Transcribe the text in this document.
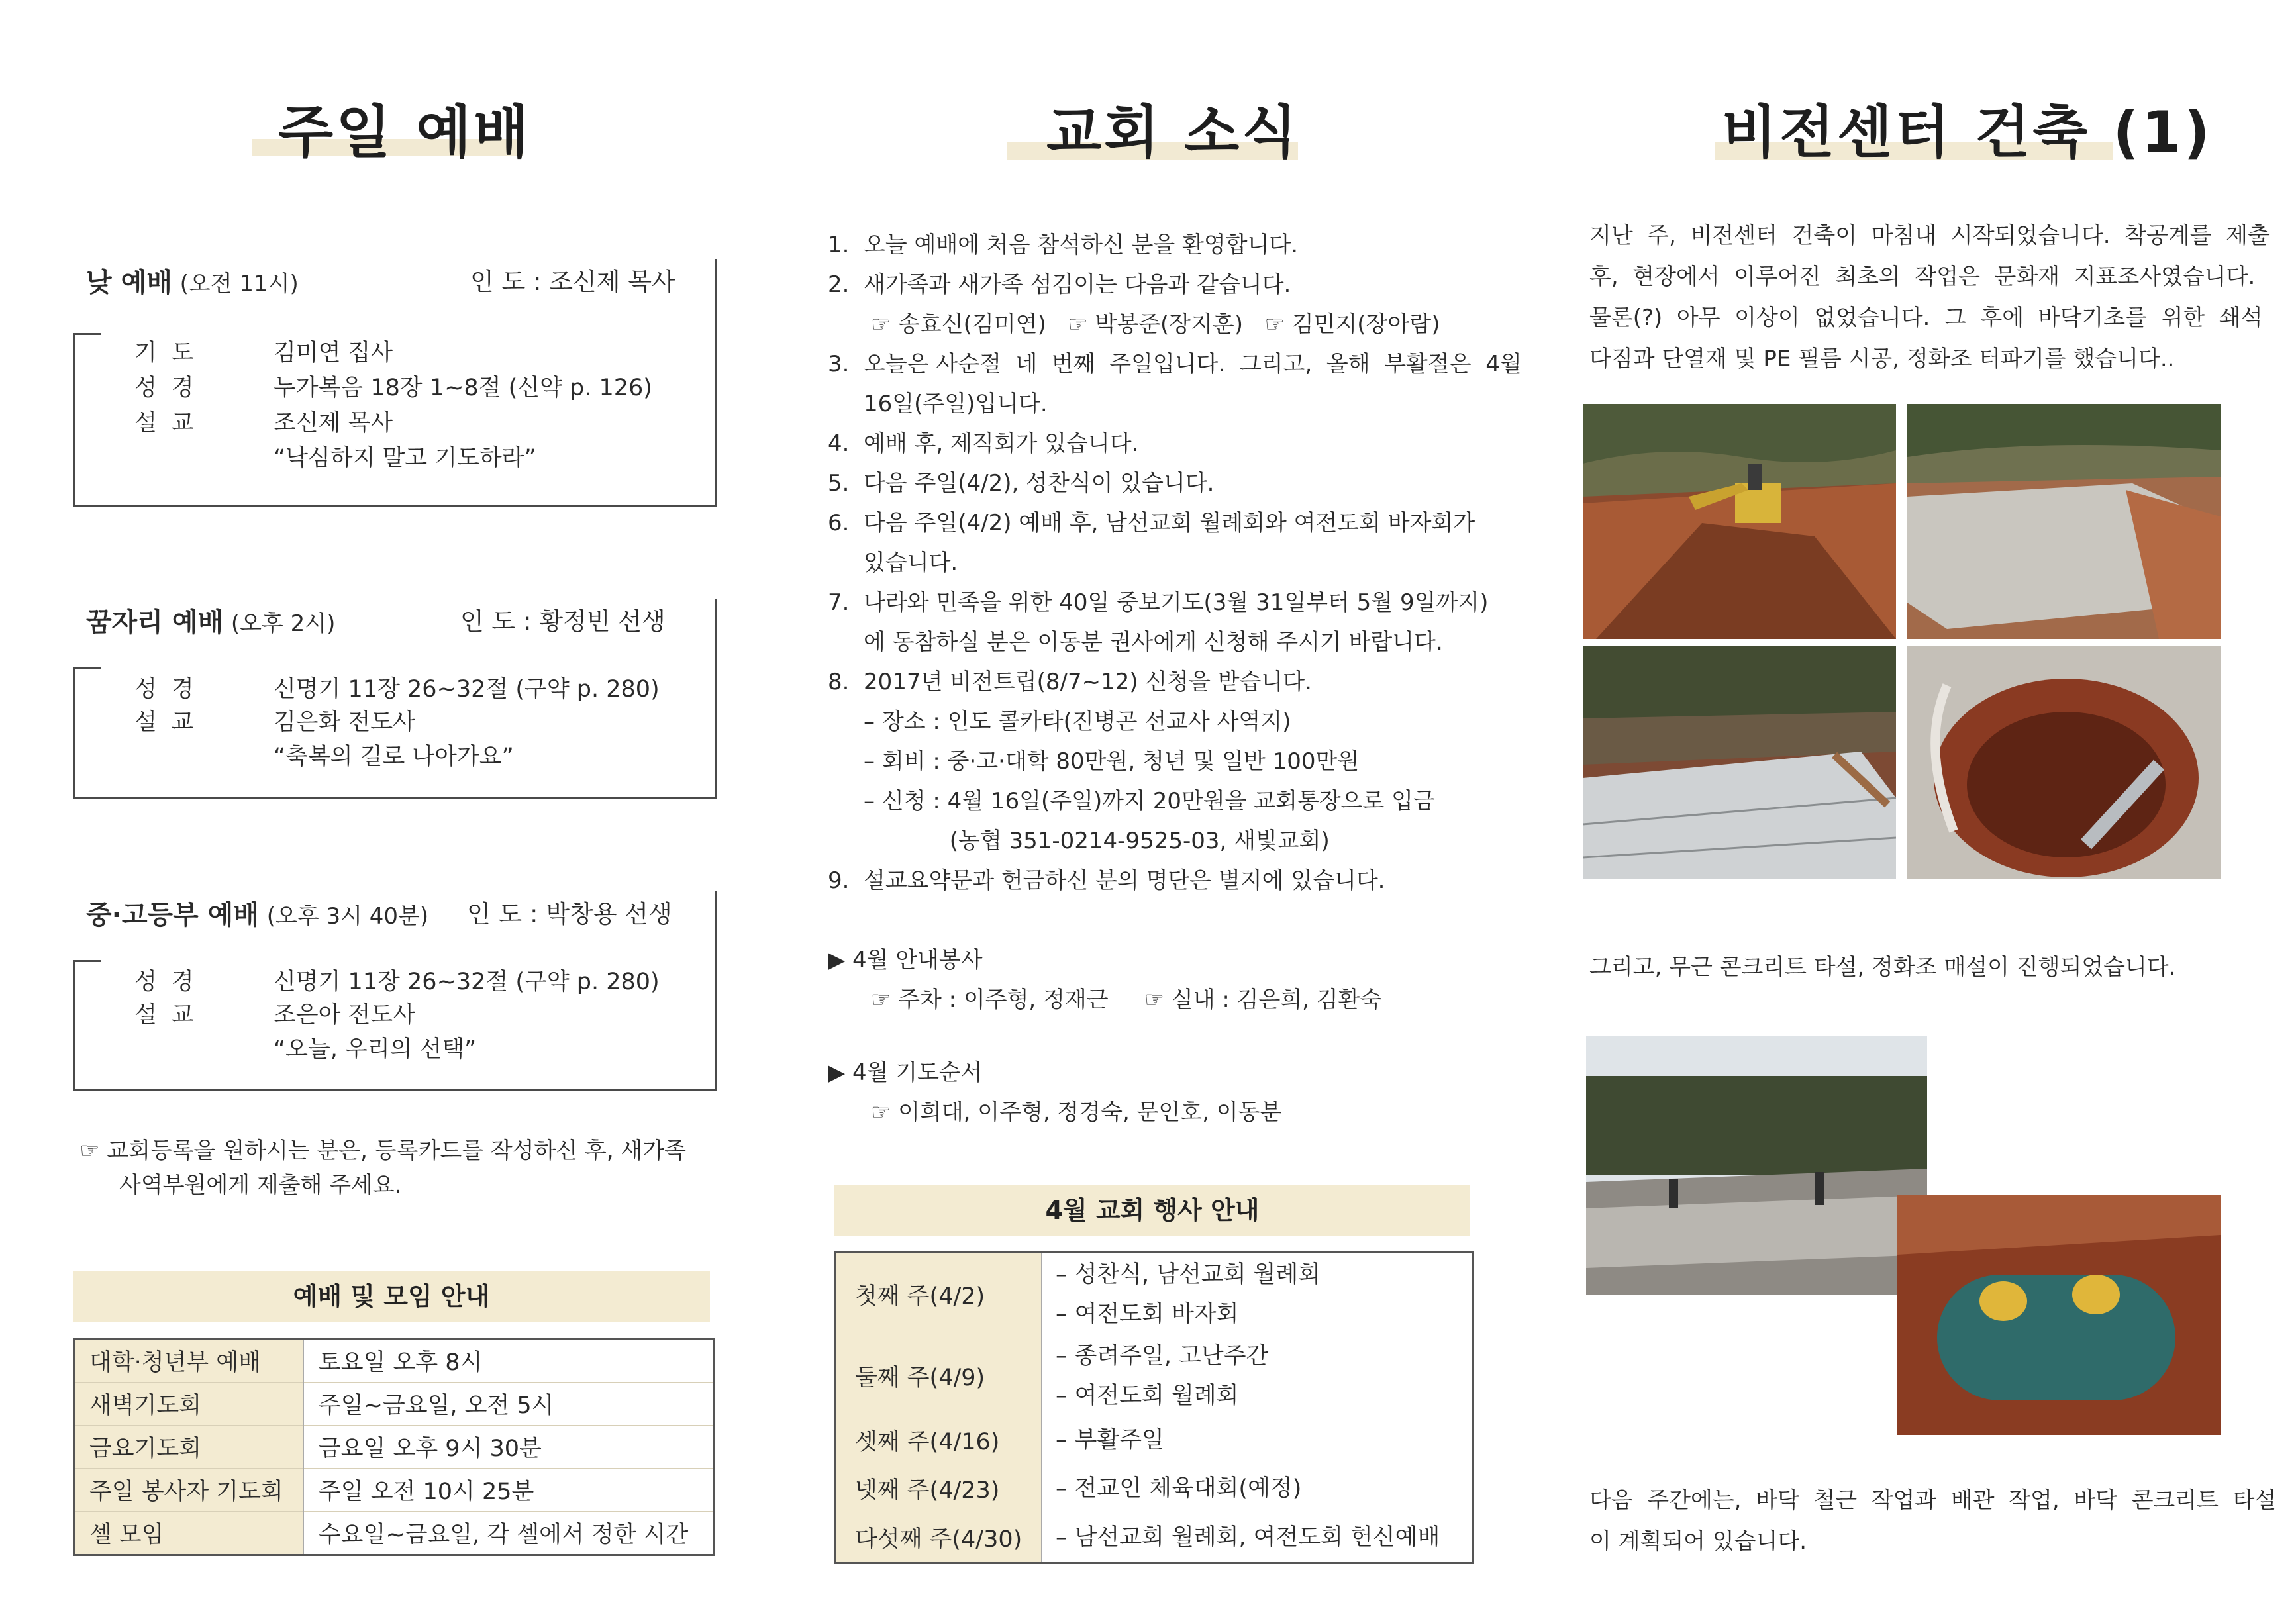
주일 예배
낮 예배 (오전 11시)	인 도 : 조신제 목사
기도	김미연 집사
성경	누가복음 18장 1~8절 (신약 p. 126)
설교	조신제 목사
“낙심하지 말고 기도하라”
꿈자리 예배 (오후 2시)	인 도 : 황정빈 선생
성경	신명기 11장 26~32절 (구약 p. 280)
설교	김은화 전도사
“축복의 길로 나아가요”
중·고등부 예배 (오후 3시 40분) 인 도 : 박창용 선생
성경	신명기 11장 26~32절 (구약 p. 280)
설교	조은아 전도사
“오늘, 우리의 선택”
☞ 교회등록을 원하시는 분은, 등록카드를 작성하신 후, 새가족
사역부원에게 제출해 주세요.
예배 및 모임 안내
대학·청년부 예배	토요일 오후 8시
새벽기도회	주일~금요일, 오전 5시
금요기도회	금요일 오후 9시 30분
주일 봉사자 기도회	주일 오전 10시 25분
셀 모임	수요일~금요일, 각 셀에서 정한 시간
교회 소식
1.  오늘 예배에 처음 참석하신 분을 환영합니다.
2.  새가족과 새가족 섬김이는 다음과 같습니다.
☞ 송효신(김미연)   ☞ 박봉준(장지훈)   ☞ 김민지(장아람)
3.  오늘은 사순절  네  번째  주일입니다.  그리고,  올해  부활절은  4월
16일(주일)입니다.
4.  예배 후, 제직회가 있습니다.
5.  다음 주일(4/2), 성찬식이 있습니다.
6.  다음 주일(4/2) 예배 후, 남선교회 월례회와 여전도회 바자회가
있습니다.
7.  나라와 민족을 위한 40일 중보기도(3월 31일부터 5월 9일까지)
에 동참하실 분은 이동분 권사에게 신청해 주시기 바랍니다.
8.  2017년 비전트립(8/7~12) 신청을 받습니다.
– 장소 : 인도 콜카타(진병곤 선교사 사역지)
– 회비 : 중·고·대학 80만원, 청년 및 일반 100만원
– 신청 : 4월 16일(주일)까지 20만원을 교회통장으로 입금
(농협 351-0214-9525-03, 새빛교회)
9.  설교요약문과 헌금하신 분의 명단은 별지에 있습니다.
▶ 4월 안내봉사
☞ 주차 : 이주형, 정재근     ☞ 실내 : 김은희, 김환숙
▶ 4월 기도순서
☞ 이희대, 이주형, 정경숙, 문인호, 이동분
4월 교회 행사 안내
첫째 주(4/2)	– 성찬식, 남선교회 월례회
– 여전도회 바자회

둘째 주(4/9)	– 종려주일, 고난주간
– 여전도회 월례회

셋째 주(4/16)	– 부활주일

넷째 주(4/23)	– 전교인 체육대회(예정)

다섯째 주(4/30)	– 남선교회 월례회, 여전도회 헌신예배
비전센터 건축 (1)
지난  주,  비전센터  건축이  마침내  시작되었습니다.  착공계를  제출
후,  현장에서  이루어진  최초의  작업은  문화재  지표조사였습니다.
물론(?)  아무  이상이  없었습니다.  그  후에  바닥기초를  위한  쇄석
다짐과 단열재 및 PE 필름 시공, 정화조 터파기를 했습니다..
그리고, 무근 콘크리트 타설, 정화조 매설이 진행되었습니다.
다음  주간에는,  바닥  철근  작업과  배관  작업,  바닥  콘크리트  타설
이 계획되어 있습니다.
